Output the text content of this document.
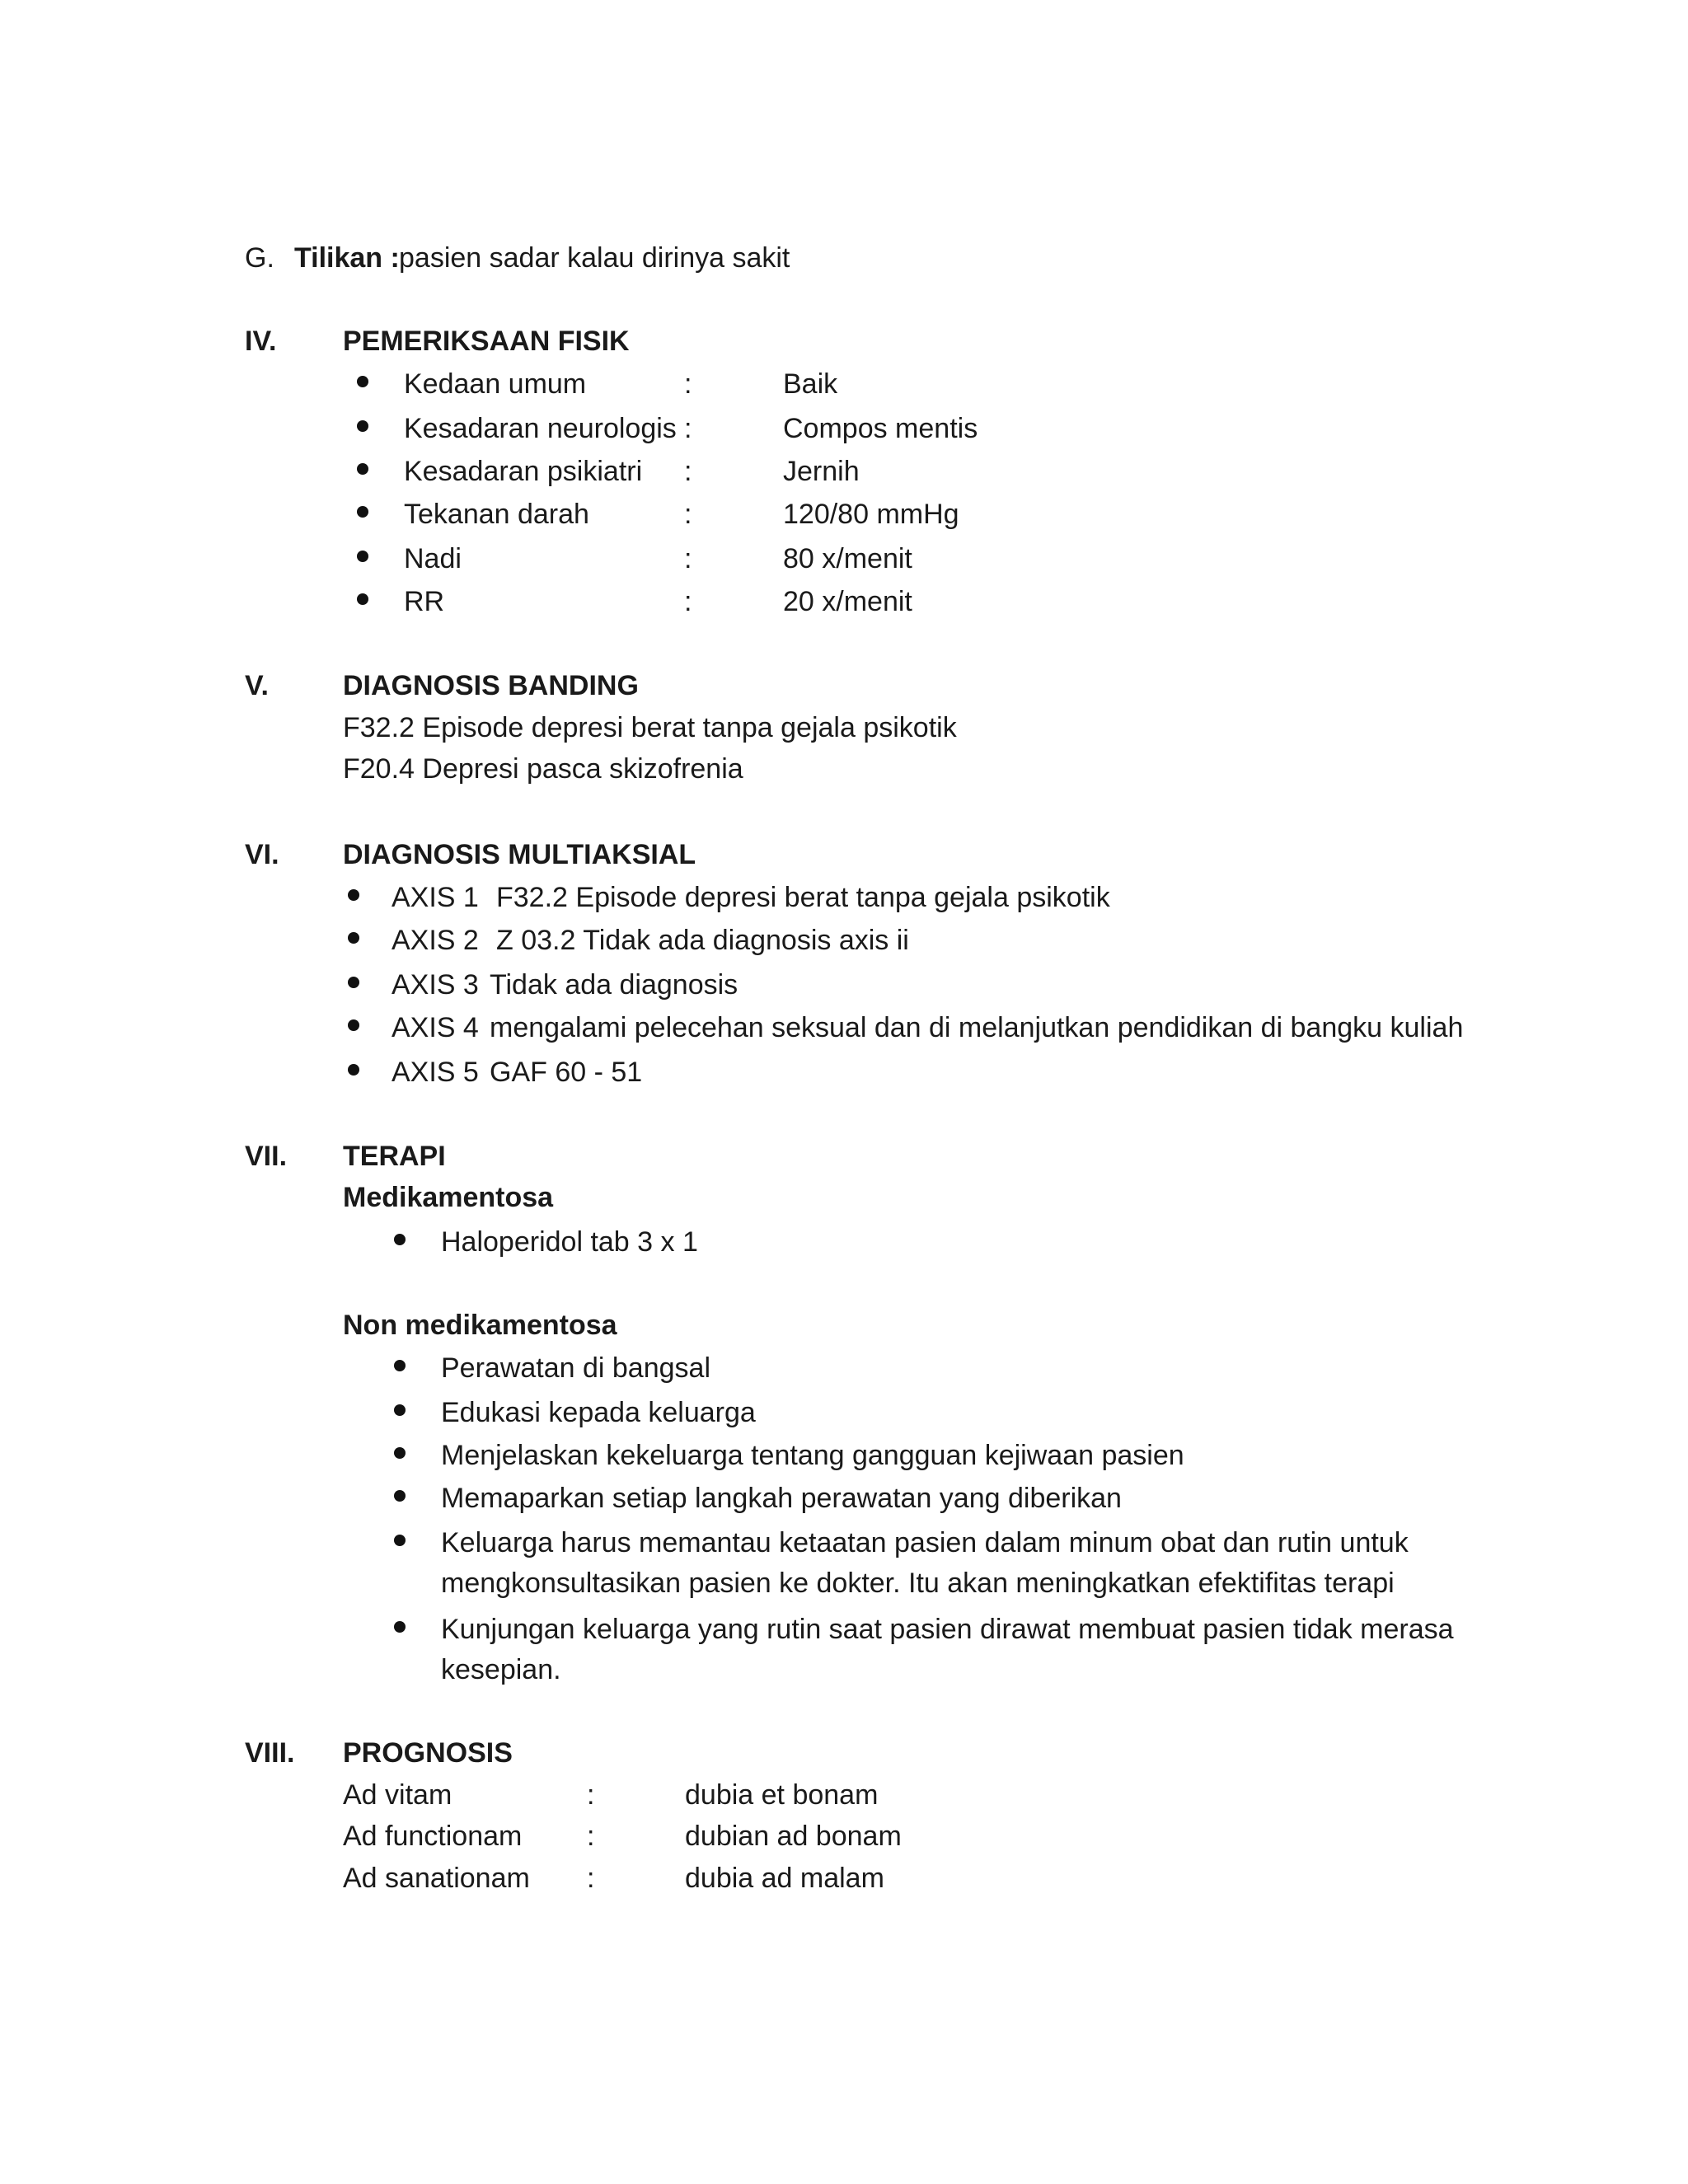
G. Tilikan : pasien sadar kalau dirinya sakit
IV. PEMERIKSAAN FISIK
Kedaan umum	:	Baik
Kesadaran neurologis :	Compos mentis
Kesadaran psikiatri :	Jernih
Tekanan darah	:	120/80 mmHg
Nadi	:	80 x/menit
RR	:	20 x/menit
V.	DIAGNOSIS BANDING
F32.2 Episode depresi berat tanpa gejala psikotik
F20.4 Depresi pasca skizofrenia
VI. DIAGNOSIS MULTIAKSIAL
AXIS 1 F32.2 Episode depresi berat tanpa gejala psikotik
AXIS 2 Z 03.2 Tidak ada diagnosis axis ii
AXIS 3 Tidak ada diagnosis
AXIS 4 mengalami pelecehan seksual dan di melanjutkan pendidikan di bangku kuliah
AXIS 5 GAF 60 - 51
VII. TERAPI
Medikamentosa
Haloperidol tab 3 x 1
Non medikamentosa
Perawatan di bangsal
Edukasi kepada keluarga
Menjelaskan kekeluarga tentang gangguan kejiwaan pasien
Memaparkan setiap langkah perawatan yang diberikan
Keluarga harus memantau ketaatan pasien dalam minum obat dan rutin untuk
mengkonsultasikan pasien ke dokter. Itu akan meningkatkan efektifitas terapi
Kunjungan keluarga yang rutin saat pasien dirawat membuat pasien tidak merasa
kesepian.
VIII. PROGNOSIS
Ad vitam	:	dubia et bonam
Ad functionam :	dubian ad bonam
Ad sanationam :	dubia ad malam
